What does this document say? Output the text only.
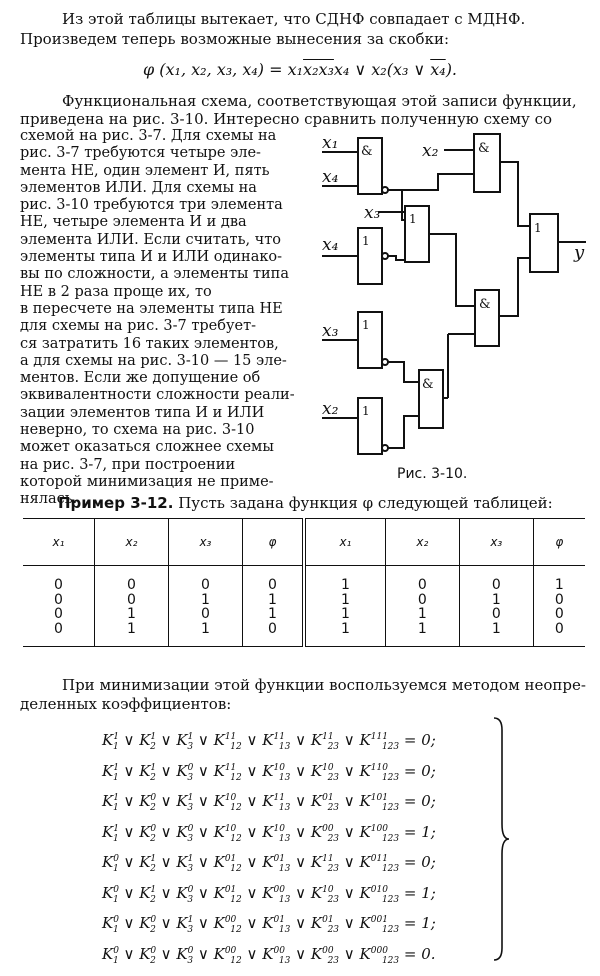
Из этой таблицы вытекает, что СДНФ совпадает с МДНФ.
Произведем теперь возможные вынесения за скобки:
φ (x₁, x₂, x₃, x₄) = x₁x₂x₃x₄ ∨ x₂(x₃ ∨ x₄).
Функциональная схема, соответствующая этой записи функции,
приведена на рис. 3-10. Интересно сравнить полученную схему со
схемой на рис. 3-7. Для схемы на
рис. 3-7 требуются четыре эле-
мента НЕ, один элемент И, пять
элементов ИЛИ. Для схемы на
рис. 3-10 требуются три элемента
НЕ, четыре элемента И и два
элемента ИЛИ. Если считать, что
элементы типа И и ИЛИ одинако-
вы по сложности, а элементы типа
НЕ в 2 раза проще их, то
в пересчете на элементы типа НЕ
для схемы на рис. 3-7 требует-
ся затратить 16 таких элементов,
а для схемы на рис. 3-10 — 15 эле-
ментов. Если же допущение об
эквивалентности сложности реали-
зации элементов типа И и ИЛИ
неверно, то схема на рис. 3-10
может оказаться сложнее схемы
на рис. 3-7, при построении
которой минимизация не приме-
нялась.
x₁
x₄
x₂
x₃
x₄
x₃
x₂
y
&
1
1
&
&
1
1
&
1
Рис. 3-10.
Пример 3-12. Пусть задана функция φ следующей таблицей:
x₁	x₂	x₃	φ	x₁	x₂	x₃	φ
0	0	0	0	1	0	0	1
0	0	1	1	1	0	1	0
0	1	0	1	1	1	0	0
0	1	1	0	1	1	1	0
При минимизации этой функции воспользуемся методом неопре-
деленных коэффициентов:
$K^1_1$ ∨ $K^1_2$ ∨ $K^1_3$ ∨ $K^{11}_{12}$ ∨ $K^{11}_{13}$ ∨ $K^{11}_{23}$ ∨ $K^{111}_{123} = 0$;
$K^1_1$ ∨ $K^1_2$ ∨ $K^0_3$ ∨ $K^{11}_{12}$ ∨ $K^{10}_{13}$ ∨ $K^{10}_{23}$ ∨ $K^{110}_{123} = 0$;
$K^1_1$ ∨ $K^0_2$ ∨ $K^1_3$ ∨ $K^{10}_{12}$ ∨ $K^{11}_{13}$ ∨ $K^{01}_{23}$ ∨ $K^{101}_{123} = 0$;
$K^1_1$ ∨ $K^0_2$ ∨ $K^0_3$ ∨ $K^{10}_{12}$ ∨ $K^{10}_{13}$ ∨ $K^{00}_{23}$ ∨ $K^{100}_{123} = 1$;
$K^0_1$ ∨ $K^1_2$ ∨ $K^1_3$ ∨ $K^{01}_{12}$ ∨ $K^{01}_{13}$ ∨ $K^{11}_{23}$ ∨ $K^{011}_{123} = 0$;
$K^0_1$ ∨ $K^1_2$ ∨ $K^0_3$ ∨ $K^{01}_{12}$ ∨ $K^{00}_{13}$ ∨ $K^{10}_{23}$ ∨ $K^{010}_{123} = 1$;
$K^0_1$ ∨ $K^0_2$ ∨ $K^1_3$ ∨ $K^{00}_{12}$ ∨ $K^{01}_{13}$ ∨ $K^{01}_{23}$ ∨ $K^{001}_{123} = 1$;
$K^0_1$ ∨ $K^0_2$ ∨ $K^0_3$ ∨ $K^{00}_{12}$ ∨ $K^{00}_{13}$ ∨ $K^{00}_{23}$ ∨ $K^{000}_{123} = 0$.
